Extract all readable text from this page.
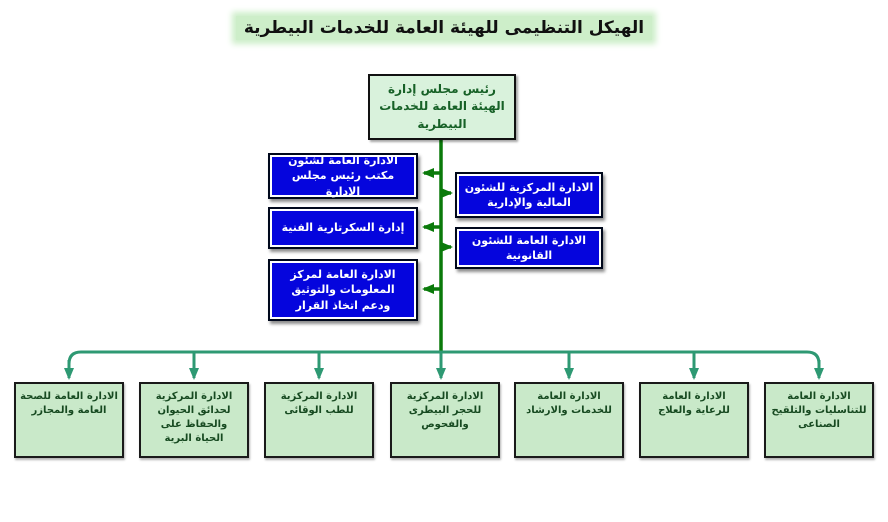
الهيكل التنظيمى للهيئة العامة للخدمات البيطرية
رئيس مجلس إدارة الهيئة العامة للخدمات البيطرية
الادارة العامة لشئون مكتب رئيس مجلس الادارة
إدارة السكرتارية الفنية
الادارة العامة لمركز المعلومات والتوثيق ودعم اتخاذ القرار
الادارة المركزية للشئون المالية والإدارية
الادارة العامة للشئون القانونية
الادارة العامة للصحة العامة والمجازر
الادارة المركزية لحدائق الحيوان والحفاظ على الحياة البرية
الادارة المركزية للطب الوقائى
الادارة المركزية للحجر البيطرى والفحوص
الادارة العامة للخدمات والارشاد
الادارة العامة للرعاية والعلاج
الادارة العامة للتناسليات والتلقيح الصناعى
